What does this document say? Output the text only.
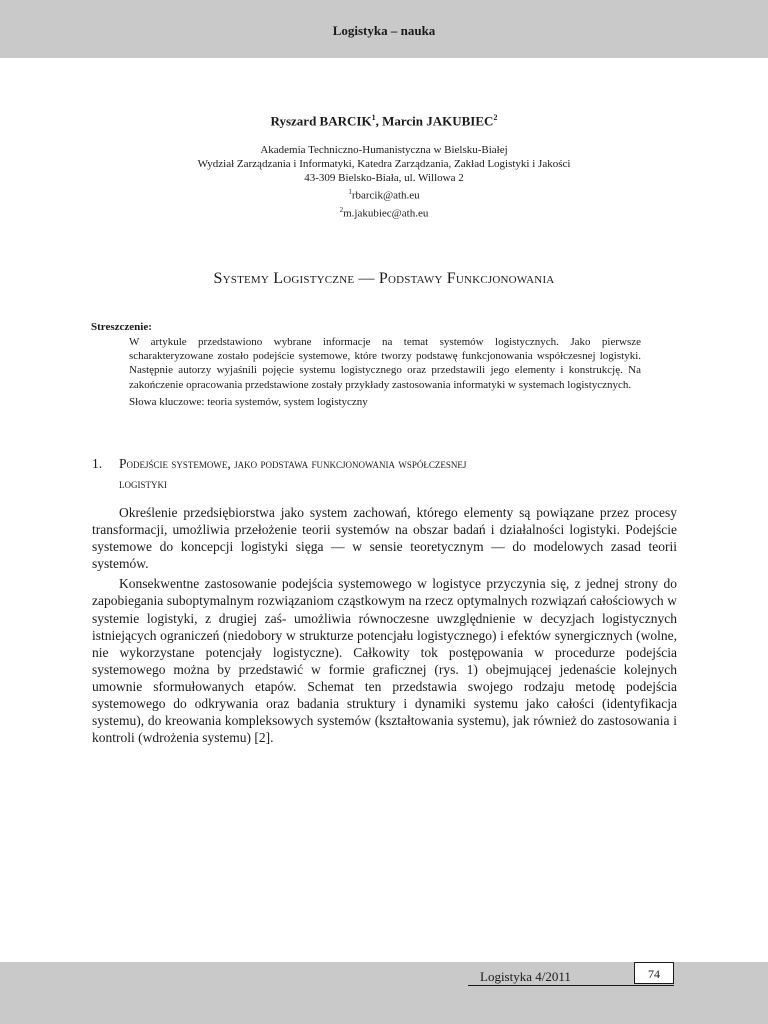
Logistyka – nauka
Ryszard BARCIK$^1$, Marcin JAKUBIEC$^2$
Akademia Techniczno-Humanistyczna w Bielsku-Białej
Wydział Zarządzania i Informatyki, Katedra Zarządzania, Zakład Logistyki i Jakości
43-309 Bielsko-Biała, ul. Willowa 2
$^1$rbarcik@ath.eu
$^2$m.jakubiec@ath.eu
Systemy Logistyczne — Podstawy Funkcjonowania
Streszczenie:

W artykule przedstawiono wybrane informacje na temat systemów logistycznych. Jako pierwsze scharakteryzowane zostało podejście systemowe, które tworzy podstawę funkcjonowania współczesnej logistyki. Następnie autorzy wyjaśnili pojęcie systemu logistycznego oraz przedstawili jego elementy i konstrukcję. Na zakończenie opracowania przedstawione zostały przykłady zastosowania informatyki w systemach logistycznych.

Słowa kluczowe: teoria systemów, system logistyczny

1. Podejście systemowe, jako podstawa funkcjonowania współczesnej
logistyki

Określenie przedsiębiorstwa jako system zachowań, którego elementy są powiązane przez procesy transformacji, umożliwia przełożenie teorii systemów na obszar badań i działalności logistyki. Podejście systemowe do koncepcji logistyki sięga — w sensie teoretycznym — do modelowych zasad teorii systemów.

Konsekwentne zastosowanie podejścia systemowego w logistyce przyczynia się, z jednej strony do zapobiegania suboptymalnym rozwiązaniom cząstkowym na rzecz optymalnych rozwiązań całościowych w systemie logistyki, z drugiej zaś- umożliwia równoczesne uwzględnienie w decyzjach logistycznych istniejących ograniczeń (niedobory w strukturze potencjału logistycznego) i efektów synergicznych (wolne, nie wykorzystane potencjały logistyczne). Całkowity tok postępowania w procedurze podejścia systemowego można by przedstawić w formie graficznej (rys. 1) obejmującej jedenaście kolejnych umownie sformułowanych etapów. Schemat ten przedstawia swojego rodzaju metodę podejścia systemowego do odkrywania oraz badania struktury i dynamiki systemu jako całości (identyfikacja systemu), do kreowania kompleksowych systemów (kształtowania systemu), jak również do zastosowania i kontroli (wdrożenia systemu) [2].

Logistyka 4/2011	74
